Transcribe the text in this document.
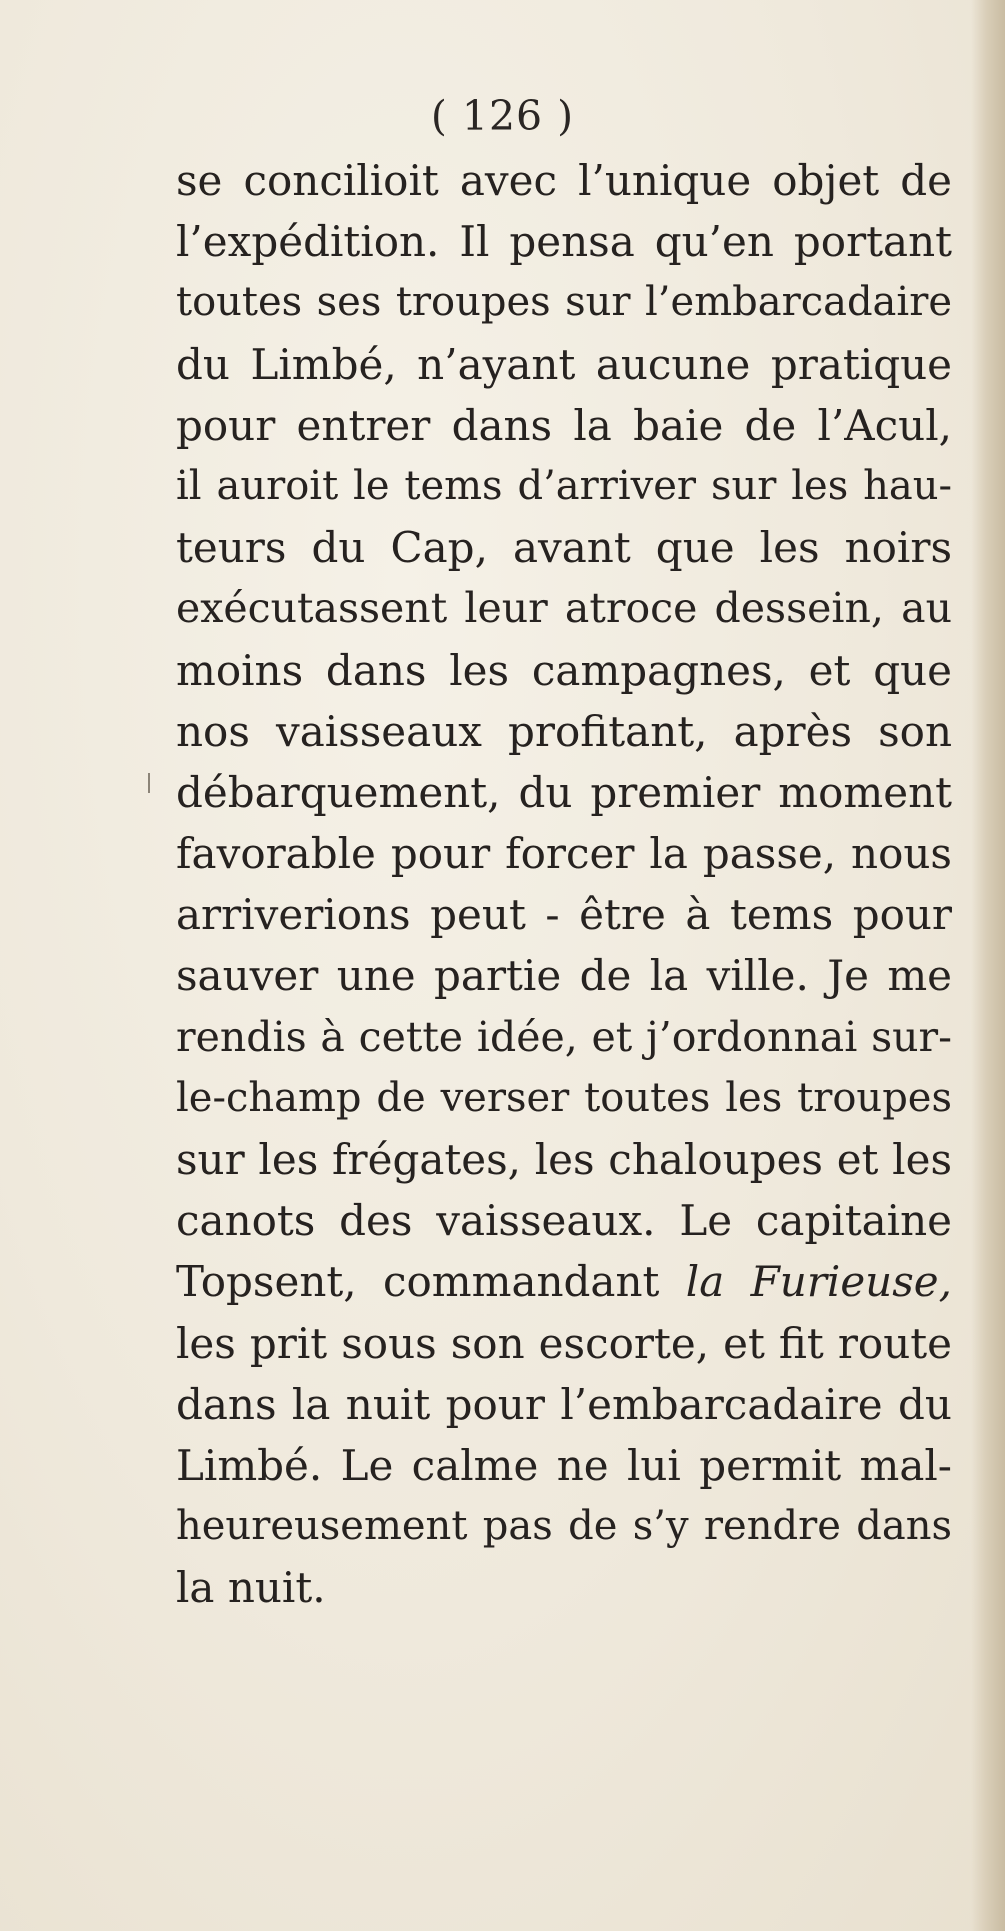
( 126 )
se concilioit avec l’unique objet de
l’expédition. Il pensa qu’en portant
toutes ses troupes sur l’embarcadaire
du Limbé, n’ayant aucune pratique
pour entrer dans la baie de l’Acul,
il auroit le tems d’arriver sur les hau-
teurs du Cap, avant que les noirs
exécutassent leur atroce dessein, au
moins dans les campagnes, et que
nos vaisseaux profitant, après son
débarquement, du premier moment
favorable pour forcer la passe, nous
arriverions peut - être à tems pour
sauver une partie de la ville. Je me
rendis à cette idée, et j’ordonnai sur-
le-champ de verser toutes les troupes
sur les frégates, les chaloupes et les
canots des vaisseaux. Le capitaine
Topsent, commandant la Furieuse,
les prit sous son escorte, et fit route
dans la nuit pour l’embarcadaire du
Limbé. Le calme ne lui permit mal-
heureusement pas de s’y rendre dans
la nuit.
